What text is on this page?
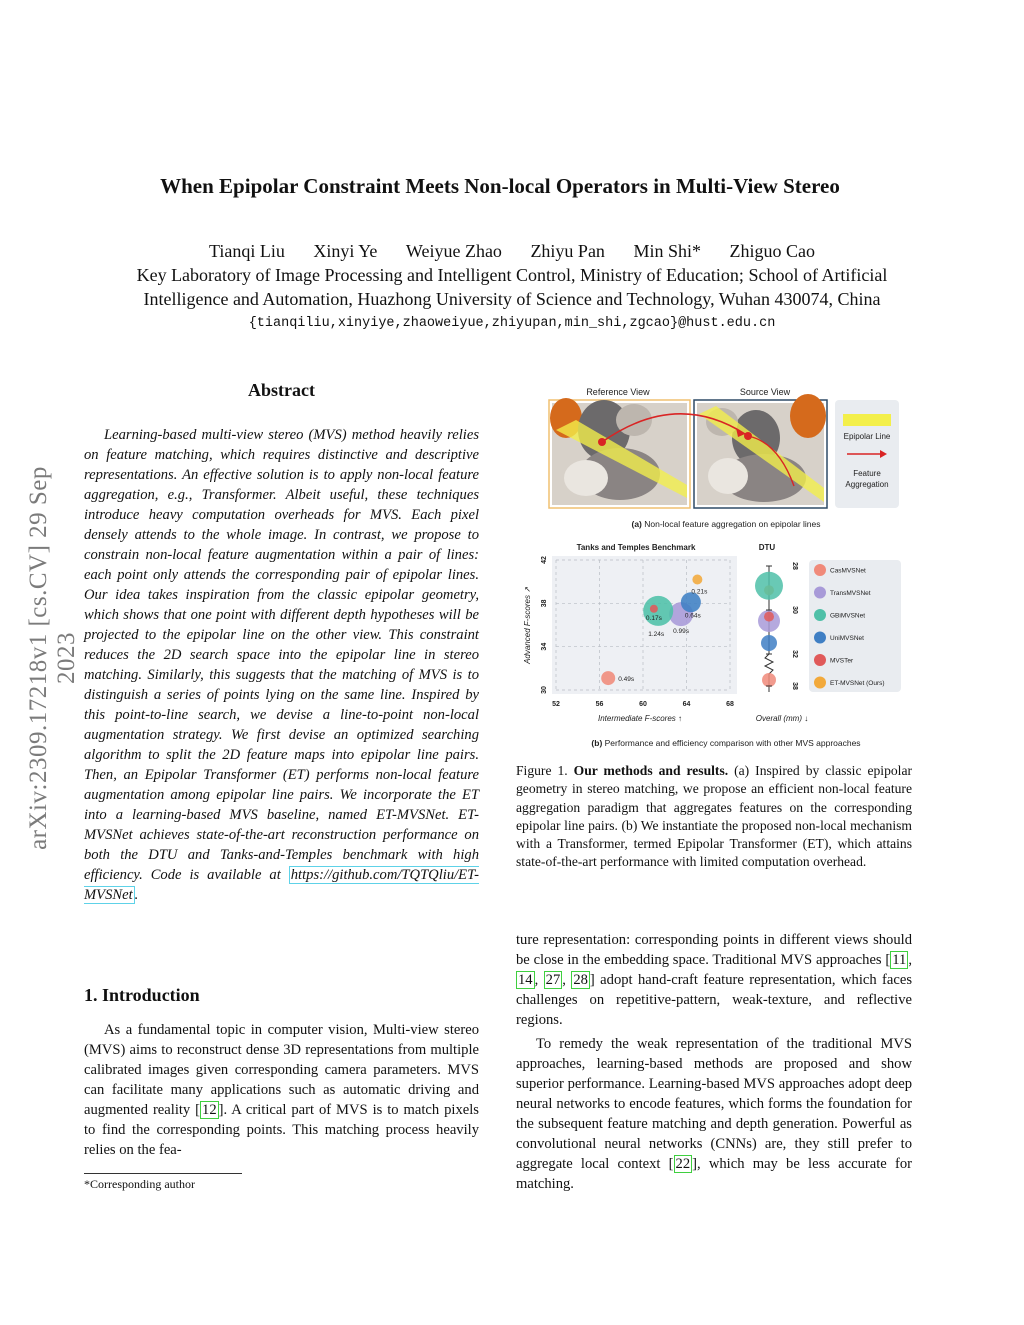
When Epipolar Constraint Meets Non-local Operators in Multi-View Stereo
Tianqi Liu Xinyi Ye Weiyue Zhao Zhiyu Pan Min Shi* Zhiguo Cao
Key Laboratory of Image Processing and Intelligent Control, Ministry of Education; School of Artificial
Intelligence and Automation, Huazhong University of Science and Technology, Wuhan 430074, China
{tianqiliu,xinyiye,zhaoweiyue,zhiyupan,min_shi,zgcao}@hust.edu.cn
arXiv:2309.17218v1 [cs.CV] 29 Sep 2023
Abstract
Learning-based multi-view stereo (MVS) method heavily relies on feature matching, which requires distinctive and descriptive representations. An effective solution is to apply non-local feature aggregation, e.g., Transformer. Albeit useful, these techniques introduce heavy computation overheads for MVS. Each pixel densely attends to the whole image. In contrast, we propose to constrain non-local feature augmentation within a pair of lines: each point only attends the corresponding pair of epipolar lines. Our idea takes inspiration from the classic epipolar geometry, which shows that one point with different depth hypotheses will be projected to the epipolar line on the other view. This constraint reduces the 2D search space into the epipolar line in stereo matching. Similarly, this suggests that the matching of MVS is to distinguish a series of points lying on the same line. Inspired by this point-to-line search, we devise a line-to-point non-local augmentation strategy. We first devise an optimized searching algorithm to split the 2D feature maps into epipolar line pairs. Then, an Epipolar Transformer (ET) performs non-local feature augmentation among epipolar line pairs. We incorporate the ET into a learning-based MVS baseline, named ET-MVSNet. ET-MVSNet achieves state-of-the-art reconstruction performance on both the DTU and Tanks-and-Temples benchmark with high efficiency. Code is available at https://github.com/TQTQliu/ET-MVSNet .
1. Introduction
As a fundamental topic in computer vision, Multi-view stereo (MVS) aims to reconstruct dense 3D representations from multiple calibrated images given corresponding camera parameters. MVS can facilitate many applications such as automatic driving and augmented reality [ 12 ]. A critical part of MVS is to match pixels to find the corresponding points. This matching process heavily relies on the fea-
*Corresponding author
Reference View	Source View
Epipolar Line
Feature
Aggregation
(a) Non-local feature aggregation on epipolar lines
Tanks and Temples Benchmark	DTU
0.49s
0.99s
1.24s
0.64s
0.17s
0.21s
52	56	60	64	68
30
34
38
42
Advanced F-scores ↗
Intermediate F-scores ↑
28
30
32
38
Overall (mm) ↓
CasMVSNet
TransMVSNet
GBiMVSNet
UniMVSNet
MVSTer
ET-MVSNet (Ours)
(b) Performance and efficiency comparison with other MVS approaches
Figure 1. Our methods and results. (a) Inspired by classic epipolar geometry in stereo matching, we propose an efficient non-local feature aggregation paradigm that aggregates features on the corresponding epipolar line pairs. (b) We instantiate the proposed non-local mechanism with a Transformer, termed Epipolar Transformer (ET), which attains state-of-the-art performance with limited computation overhead.
ture representation: corresponding points in different views should be close in the embedding space. Traditional MVS approaches [ 11 , 14 , 27 , 28 ] adopt hand-craft feature representation, which faces challenges on repetitive-pattern, weak-texture, and reflective regions.
To remedy the weak representation of the traditional MVS approaches, learning-based methods are proposed and show superior performance. Learning-based MVS approaches adopt deep neural networks to encode features, which forms the foundation for the subsequent feature matching and depth generation. Powerful as convolutional neural networks (CNNs) are, they still prefer to aggregate local context [ 22 ], which may be less accurate for matching.
